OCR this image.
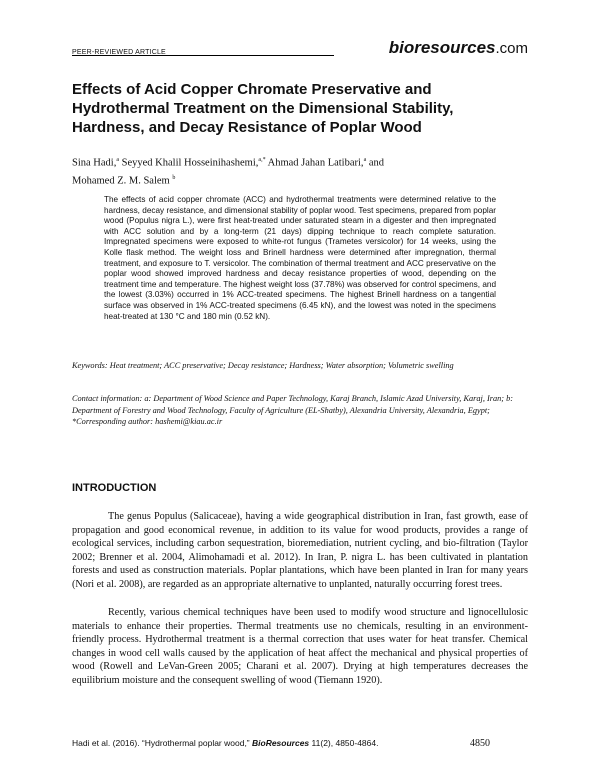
PEER-REVIEWED ARTICLE	bioresources.com
Effects of Acid Copper Chromate Preservative and Hydrothermal Treatment on the Dimensional Stability, Hardness, and Decay Resistance of Poplar Wood
Sina Hadi,$^a$ Seyyed Khalil Hosseinihashemi,$^{a,*}$ Ahmad Jahan Latibari,$^a$ and
Mohamed Z. M. Salem $^b$
The effects of acid copper chromate (ACC) and hydrothermal treatments were determined relative to the hardness, decay resistance, and dimensional stability of poplar wood. Test specimens, prepared from poplar wood (Populus nigra L.), were first heat-treated under saturated steam in a digester and then impregnated with ACC solution and by a long-term (21 days) dipping technique to reach complete saturation. Impregnated specimens were exposed to white-rot fungus (Trametes versicolor) for 14 weeks, using the Kolle flask method. The weight loss and Brinell hardness were determined after impregnation, thermal treatment, and exposure to T. versicolor. The combination of thermal treatment and ACC preservative on the poplar wood showed improved hardness and decay resistance properties of wood, depending on the treatment time and temperature. The highest weight loss (37.78%) was observed for control specimens, and the lowest (3.03%) occurred in 1% ACC-treated specimens. The highest Brinell hardness on a tangential surface was observed in 1% ACC-treated specimens (6.45 kN), and the lowest was noted in the specimens heat-treated at 130 °C and 180 min (0.52 kN).
Keywords: Heat treatment; ACC preservative; Decay resistance; Hardness; Water absorption; Volumetric swelling
Contact information: a: Department of Wood Science and Paper Technology, Karaj Branch, Islamic Azad University, Karaj, Iran; b: Department of Forestry and Wood Technology, Faculty of Agriculture (EL-Shatby), Alexandria University, Alexandria, Egypt; *Corresponding author: hashemi@kiau.ac.ir
INTRODUCTION
The genus Populus (Salicaceae), having a wide geographical distribution in Iran, fast growth, ease of propagation and good economical revenue, in addition to its value for wood products, provides a range of ecological services, including carbon sequestration, bioremediation, nutrient cycling, and bio-filtration (Taylor 2002; Brenner et al. 2004, Alimohamadi et al. 2012). In Iran, P. nigra L. has been cultivated in plantation forests and used as construction materials. Poplar plantations, which have been planted in Iran for many years (Nori et al. 2008), are regarded as an appropriate alternative to unplanted, naturally occurring forest trees.
Recently, various chemical techniques have been used to modify wood structure and lignocellulosic materials to enhance their properties. Thermal treatments use no chemicals, resulting in an environment-friendly process. Hydrothermal treatment is a thermal correction that uses water for heat transfer. Chemical changes in wood cell walls caused by the application of heat affect the mechanical and physical properties of wood (Rowell and LeVan-Green 2005; Charani et al. 2007). Drying at high temperatures decreases the equilibrium moisture and the consequent swelling of wood (Tiemann 1920).
Hadi et al. (2016). “Hydrothermal poplar wood,” BioResources 11(2), 4850-4864.	4850
